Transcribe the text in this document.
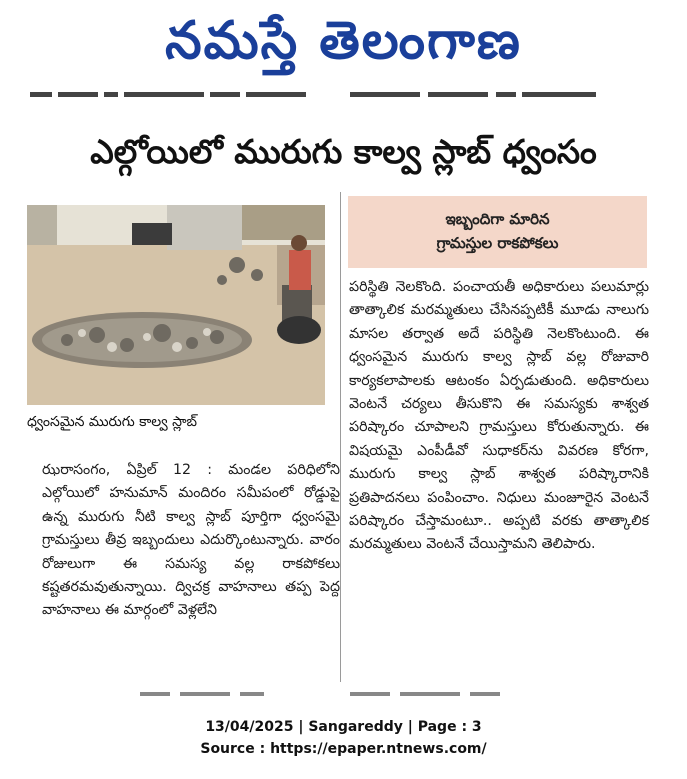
నమస్తే తెలంగాణ
ఎల్గోయిలో మురుగు కాల్వ స్లాబ్ ధ్వంసం
ధ్వంసమైన మురుగు కాల్వ స్లాబ్
ఇబ్బందిగా మారిన
గ్రామస్తుల రాకపోకలు

ఝరాసంగం, ఏప్రిల్ 12 : మండల పరిధిలోని ఎల్గోయిలో హనుమాన్ మందిరం సమీపంలో రోడ్డుపై ఉన్న మురుగు నీటి కాల్వ స్లాబ్ పూర్తిగా ధ్వంసమై గ్రామస్తులు తీవ్ర ఇబ్బందులు ఎదుర్కొంటున్నారు. వారం రోజులుగా ఈ సమస్య వల్ల రాకపోకలు కష్టతరమవుతున్నాయి. ద్విచక్ర వాహనాలు తప్ప పెద్ద వాహనాలు ఈ మార్గంలో వెళ్లలేని

పరిస్థితి నెలకొంది. పంచాయతీ అధికారులు పలుమార్లు తాత్కాలిక మరమ్మతులు చేసినప్పటికీ మూడు నాలుగు మాసల తర్వాత అదే పరిస్థితి నెలకొంటుంది. ఈ ధ్వంసమైన మురుగు కాల్వ స్లాబ్ వల్ల రోజువారి కార్యకలాపాలకు ఆటంకం ఏర్పడుతుంది. అధికారులు వెంటనే చర్యలు తీసుకొని ఈ సమస్యకు శాశ్వత పరిష్కారం చూపాలని గ్రామస్తులు కోరుతున్నారు. ఈ విషయమై ఎంపీడీవో సుధాకర్‌ను వివరణ కోరగా, మురుగు కాల్వ స్లాబ్ శాశ్వత పరిష్కారానికి ప్రతిపాదనలు పంపించాం. నిధులు మంజూరైన వెంటనే పరిష్కారం చేస్తామంటూ.. అప్పటి వరకు తాత్కాలిక మరమ్మతులు వెంటనే చేయిస్తామని తెలిపారు.

13/04/2025 | Sangareddy | Page : 3
Source : https://epaper.ntnews.com/
